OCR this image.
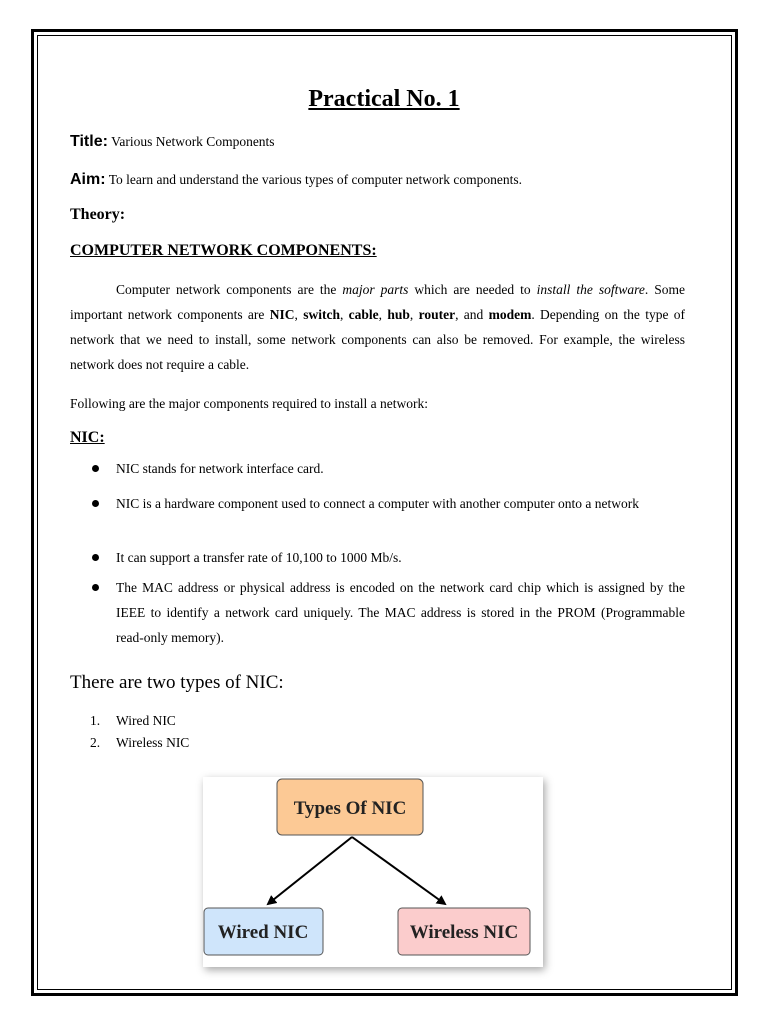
Practical No. 1
Title: Various Network Components
Aim: To learn and understand the various types of computer network components.
Theory:
COMPUTER NETWORK COMPONENTS:

Computer network components are the major parts which are needed to install the software. Some important network components are NIC, switch, cable, hub, router, and modem. Depending on the type of network that we need to install, some network components can also be removed. For example, the wireless network does not require a cable.

Following are the major components required to install a network:
NIC:
NIC stands for network interface card.
NIC is a hardware component used to connect a computer with another computer onto a network
It can support a transfer rate of 10,100 to 1000 Mb/s.
The MAC address or physical address is encoded on the network card chip which is assigned by the IEEE to identify a network card uniquely. The MAC address is stored in the PROM (Programmable read-only memory).
There are two types of NIC:
1. Wired NIC
2. Wireless NIC
Types Of NIC
Wired NIC	Wireless NIC
